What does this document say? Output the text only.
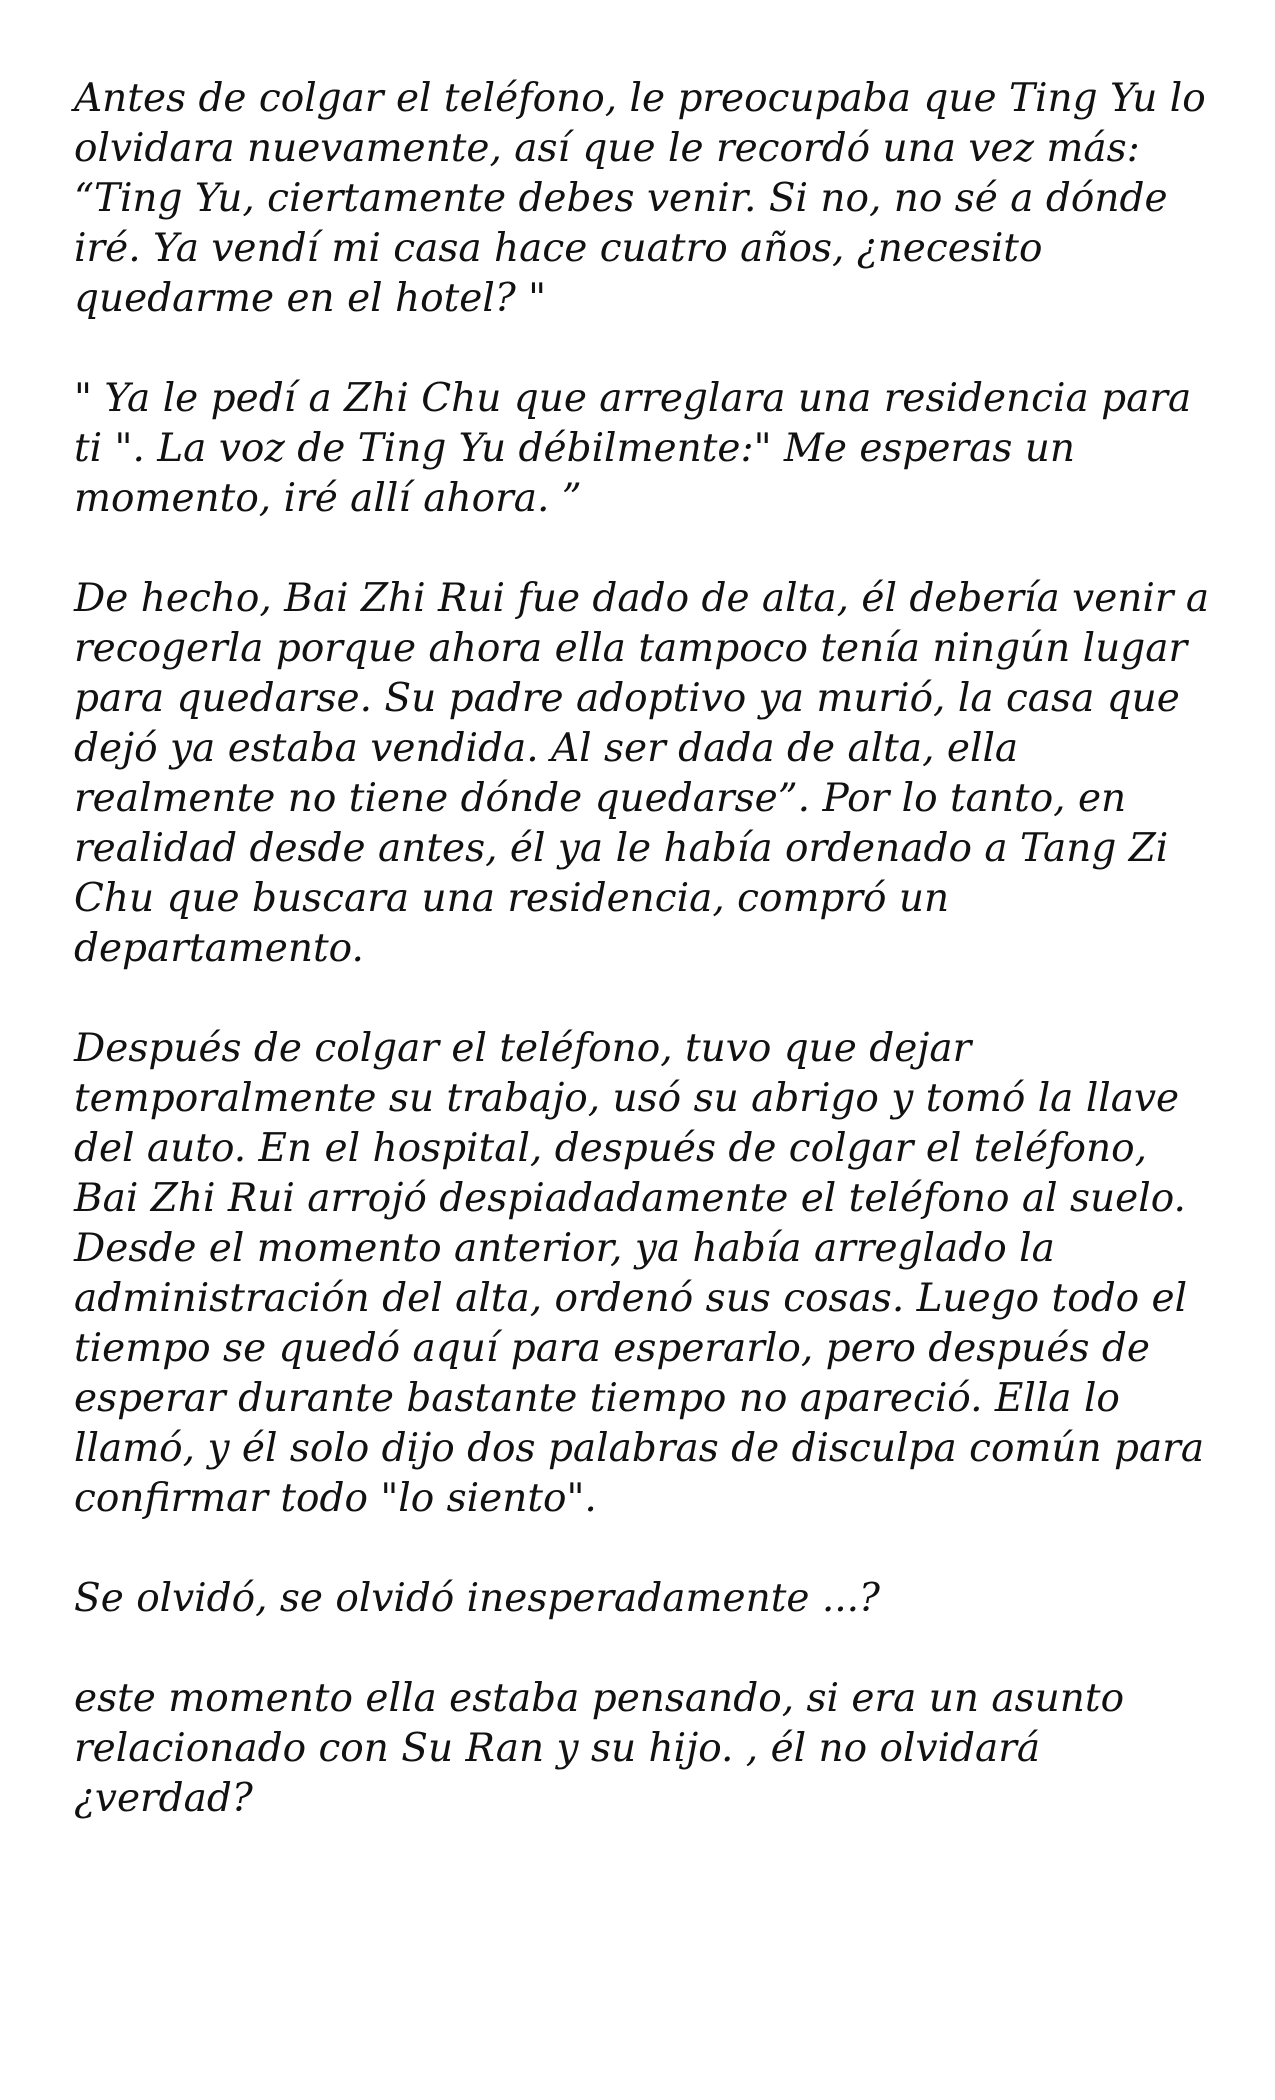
Antes de colgar el teléfono, le preocupaba que Ting Yu lo olvidara nuevamente, así que le recordó una vez más: “Ting Yu, ciertamente debes venir. Si no, no sé a dónde iré. Ya vendí mi casa hace cuatro años, ¿necesito quedarme en el hotel? "

" Ya le pedí a Zhi Chu que arreglara una residencia para ti ". La voz de Ting Yu débilmente:" Me esperas un momento, iré allí ahora. ”

De hecho, Bai Zhi Rui fue dado de alta, él debería venir a recogerla porque ahora ella tampoco tenía ningún lugar para quedarse. Su padre adoptivo ya murió, la casa que dejó ya estaba vendida. Al ser dada de alta, ella realmente no tiene dónde quedarse”. Por lo tanto, en realidad desde antes, él ya le había ordenado a Tang Zi Chu que buscara una residencia, compró un departamento.

Después de colgar el teléfono, tuvo que dejar temporalmente su trabajo, usó su abrigo y tomó la llave del auto. En el hospital, después de colgar el teléfono, Bai Zhi Rui arrojó despiadadamente el teléfono al suelo. Desde el momento anterior, ya había arreglado la administración del alta, ordenó sus cosas. Luego todo el tiempo se quedó aquí para esperarlo, pero después de esperar durante bastante tiempo no apareció. Ella lo llamó, y él solo dijo dos palabras de disculpa común para confirmar todo "lo siento".

Se olvidó, se olvidó inesperadamente ...?

este momento ella estaba pensando, si era un asunto relacionado con Su Ran y su hijo. , él no olvidará ¿verdad?
